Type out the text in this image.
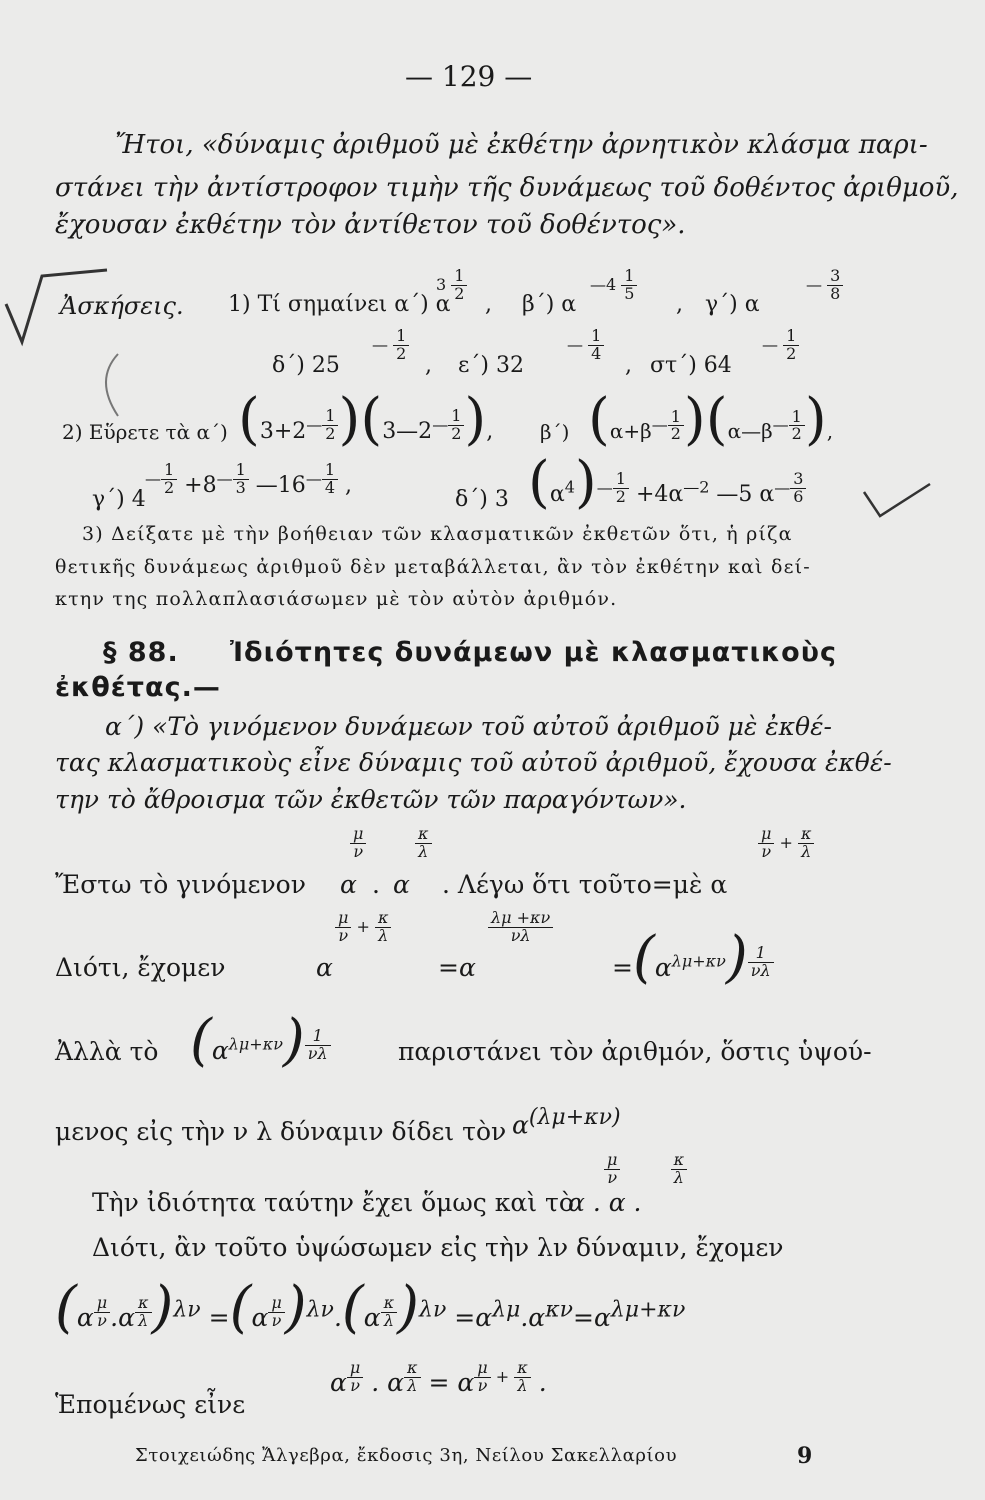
— 129 —
Ἤτοι, «δύναμις ἀριθμοῦ μὲ ἐκθέτην ἀρνητικὸν κλάσμα παρι-
στάνει τὴν ἀντίστροφον τιμὴν τῆς δυνάμεως τοῦ δοθέντος ἀριθμοῦ,
ἔχουσαν ἐκθέτην τὸν ἀντίθετον τοῦ δοθέντος».
Ἀσκήσεις. 1) Τί σημαίνει α΄) α
$3 \frac{1}{2}$
, β΄) α
—4 $\frac{1}{5}$
, γ΄) α
— $\frac{3}{8}$
δ΄) 25
— $\frac{1}{2}$
, ε΄) 32
— $\frac{1}{4}$
, στ΄) 64
— $\frac{1}{2}$
2) Εὕρετε τὰ α΄) ($3+2^{— \frac{1}{2}}$ )($3—2^{— \frac{1}{2}}$ ), β΄) ($\alpha+\beta^{— \frac{1}{2}}$ )($\alpha—\beta^{— \frac{1}{2}}$ ),
γ΄) 4
$^{— \frac{1}{2}} +8^{— \frac{1}{3}}$ $—16^{— \frac{1}{4}}$ ,
δ΄) 3 $(\alpha^4)^{— \frac{1}{2}} +4\alpha^{—2}$ —5 $\alpha^{— \frac{3}{6}}$
3) Δείξατε μὲ τὴν βοήθειαν τῶν κλασματικῶν ἐκθετῶν ὅτι, ἡ ρίζα
θετικῆς δυνάμεως ἀριθμοῦ δὲν μεταβάλλεται, ἂν τὸν ἐκθέτην καὶ δεί-
κτην της πολλαπλασιάσωμεν μὲ τὸν αὐτὸν ἀριθμόν.
§ 88. Ἰδιότητες δυνάμεων μὲ κλασματικοὺς
ἐκθέτας.—
α΄) «Τὸ γινόμενον δυνάμεων τοῦ αὐτοῦ ἀριθμοῦ μὲ ἐκθέ-
τας κλασματικοὺς εἶνε δύναμις τοῦ αὐτοῦ ἀριθμοῦ, ἔχουσα ἐκθέ-
την τὸ ἄθροισμα τῶν ἐκθετῶν τῶν παραγόντων».
Ἔστω τὸ γινόμενον α
$\frac{\mu}{\nu}$
. α
$\frac{\kappa}{\lambda}$
. Λέγω ὅτι τοῦτο=μὲ α
$\frac{\mu}{\nu} + \frac{\kappa}{\lambda}$
Διότι, ἔχομεν	α
$\frac{\mu}{\nu} + \frac{\kappa}{\lambda}$
=α
$\frac{\lambda\mu +\kappa\nu}{\nu\lambda}$
$=(\alpha^{\lambda\mu+\kappa\nu})$ $^{\frac{1}{\nu\lambda}}$
Ἀλλὰ τὸ $(\alpha^{\lambda\mu+\kappa\nu})$ $^{\frac{1}{\nu\lambda}}$	παριστάνει τὸν ἀριθμόν, ὅστις ὑψού-
μενος εἰς τὴν ν λ δύναμιν δίδει τὸν $\alpha^{(\lambda\mu+\kappa\nu)}$
$\frac{\mu}{\nu}$
	$\frac{\kappa}{\lambda}$
Τὴν ἰδιότητα ταύτην ἔχει ὅμως καὶ τὸ
α . α .
Διότι, ἂν τοῦτο ὑψώσωμεν εἰς τὴν λν δύναμιν, ἔχομεν
(α $^{\frac{\mu}{\nu}}$ .α $^{\frac{\kappa}{\lambda}}$ )$^{\lambda\nu}$ =(α $^{\frac{\mu}{\nu}}$ )$^{\lambda\nu}$.(α $^{\frac{\kappa}{\lambda}}$ )$^{\lambda\nu} =\alpha^{\lambda\mu}.\alpha^{\kappa\nu}=\alpha^{\lambda\mu+\kappa\nu}$
Ἑπομένως εἶνε
α $^{\frac{\mu}{\nu}}$ . α $^{\frac{\kappa}{\lambda}}$ = α $^{\frac{\mu}{\nu} + \frac{\kappa}{\lambda}}$ .
Στοιχειώδης Ἄλγεβρα, ἔκδοσις 3η, Νείλου Σακελλαρίου	9
